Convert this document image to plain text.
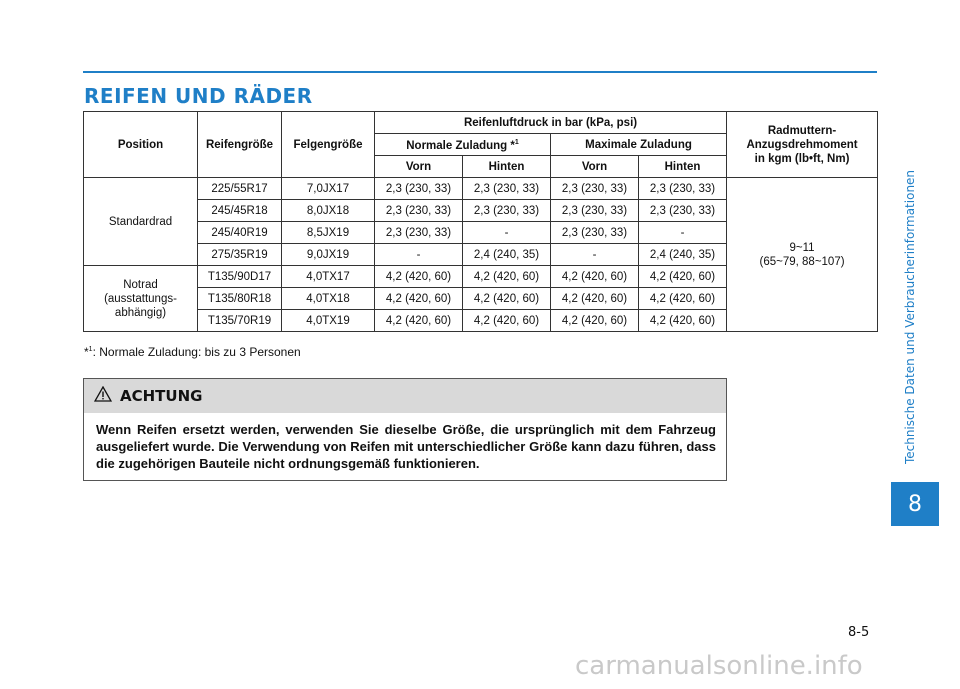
REIFEN UND RÄDER
Technische Daten und Verbraucherinformationen
8
Position	Reifengröße	Felgengröße	Reifenluftdruck in bar (kPa, psi)				Radmuttern-
Anzugsdrehmoment
in kgm (lb•ft, Nm)
			Normale Zuladung *$^1$		Maximale Zuladung		
			Vorn	Hinten	Vorn	Hinten	
Standardrad	225/55R17	7,0JX17	2,3 (230, 33)	2,3 (230, 33)	2,3 (230, 33)	2,3 (230, 33)	9~11
(65~79, 88~107)
	245/45R18	8,0JX18	2,3 (230, 33)	2,3 (230, 33)	2,3 (230, 33)	2,3 (230, 33)	
	245/40R19	8,5JX19	2,3 (230, 33)	-	2,3 (230, 33)	-	
	275/35R19	9,0JX19	-	2,4 (240, 35)	-	2,4 (240, 35)	
Notrad
(ausstattungs-
abhängig)	T135/90D17	4,0TX17	4,2 (420, 60)	4,2 (420, 60)	4,2 (420, 60)	4,2 (420, 60)	
	T135/80R18	4,0TX18	4,2 (420, 60)	4,2 (420, 60)	4,2 (420, 60)	4,2 (420, 60)	
	T135/70R19	4,0TX19	4,2 (420, 60)	4,2 (420, 60)	4,2 (420, 60)	4,2 (420, 60)	
*$^1$: Normale Zuladung: bis zu 3 Personen
ACHTUNG
Wenn Reifen ersetzt werden, verwenden Sie dieselbe Größe, die ursprünglich mit dem Fahrzeug ausgeliefert wurde. Die Verwendung von Reifen mit unterschiedlicher Größe kann dazu führen, dass die zugehörigen Bauteile nicht ordnungsgemäß funktionieren.
8-5
carmanualsonline.info
